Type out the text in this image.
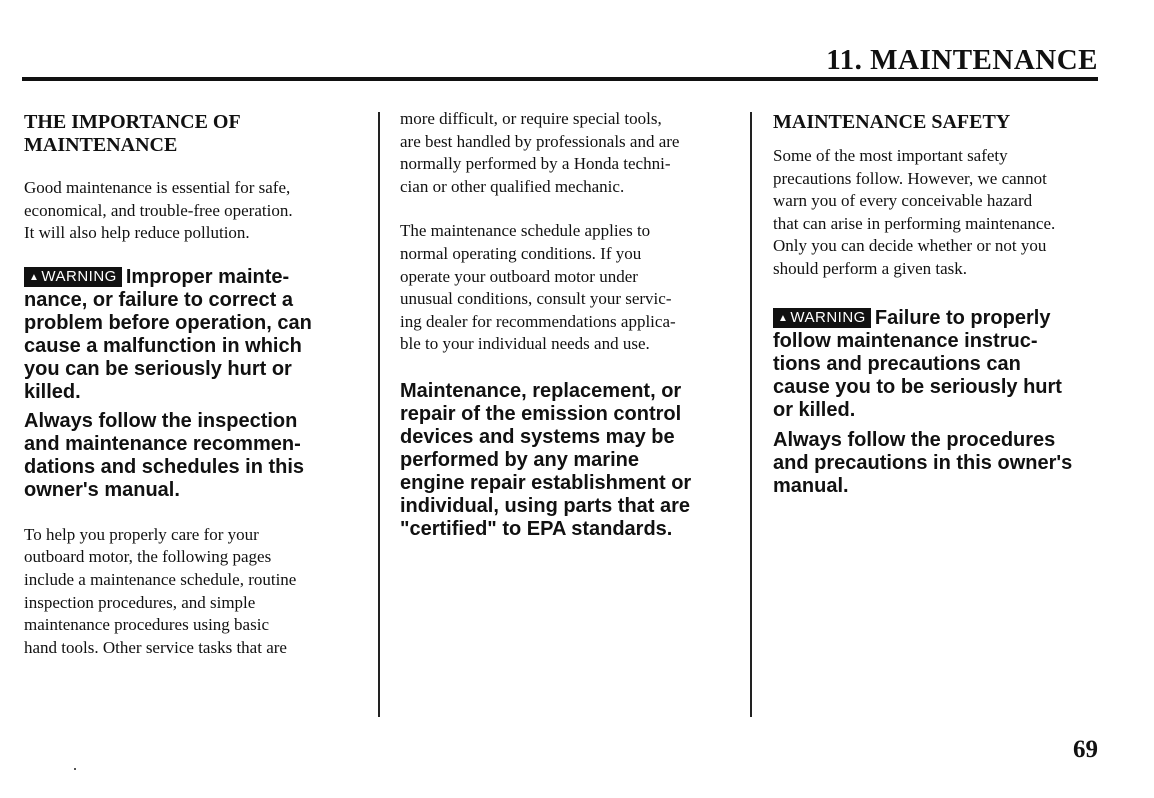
11. MAINTENANCE

THE IMPORTANCE OF
MAINTENANCE

Good maintenance is essential for safe,
economical, and trouble-free operation.
It will also help reduce pollution.

▲ WARNING Improper mainte-
nance, or failure to correct a
problem before operation, can
cause a malfunction in which
you can be seriously hurt or
killed.

Always follow the inspection
and maintenance recommen-
dations and schedules in this
owner's manual.

To help you properly care for your
outboard motor, the following pages
include a maintenance schedule, routine
inspection procedures, and simple
maintenance procedures using basic
hand tools. Other service tasks that are

more difficult, or require special tools,
are best handled by professionals and are
normally performed by a Honda techni-
cian or other qualified mechanic.

The maintenance schedule applies to
normal operating conditions. If you
operate your outboard motor under
unusual conditions, consult your servic-
ing dealer for recommendations applica-
ble to your individual needs and use.

Maintenance, replacement, or
repair of the emission control
devices and systems may be
performed by any marine
engine repair establishment or
individual, using parts that are
"certified" to EPA standards.

MAINTENANCE SAFETY

Some of the most important safety
precautions follow. However, we cannot
warn you of every conceivable hazard
that can arise in performing maintenance.
Only you can decide whether or not you
should perform a given task.

▲ WARNING Failure to properly
follow maintenance instruc-
tions and precautions can
cause you to be seriously hurt
or killed.

Always follow the procedures
and precautions in this owner's
manual.

69
